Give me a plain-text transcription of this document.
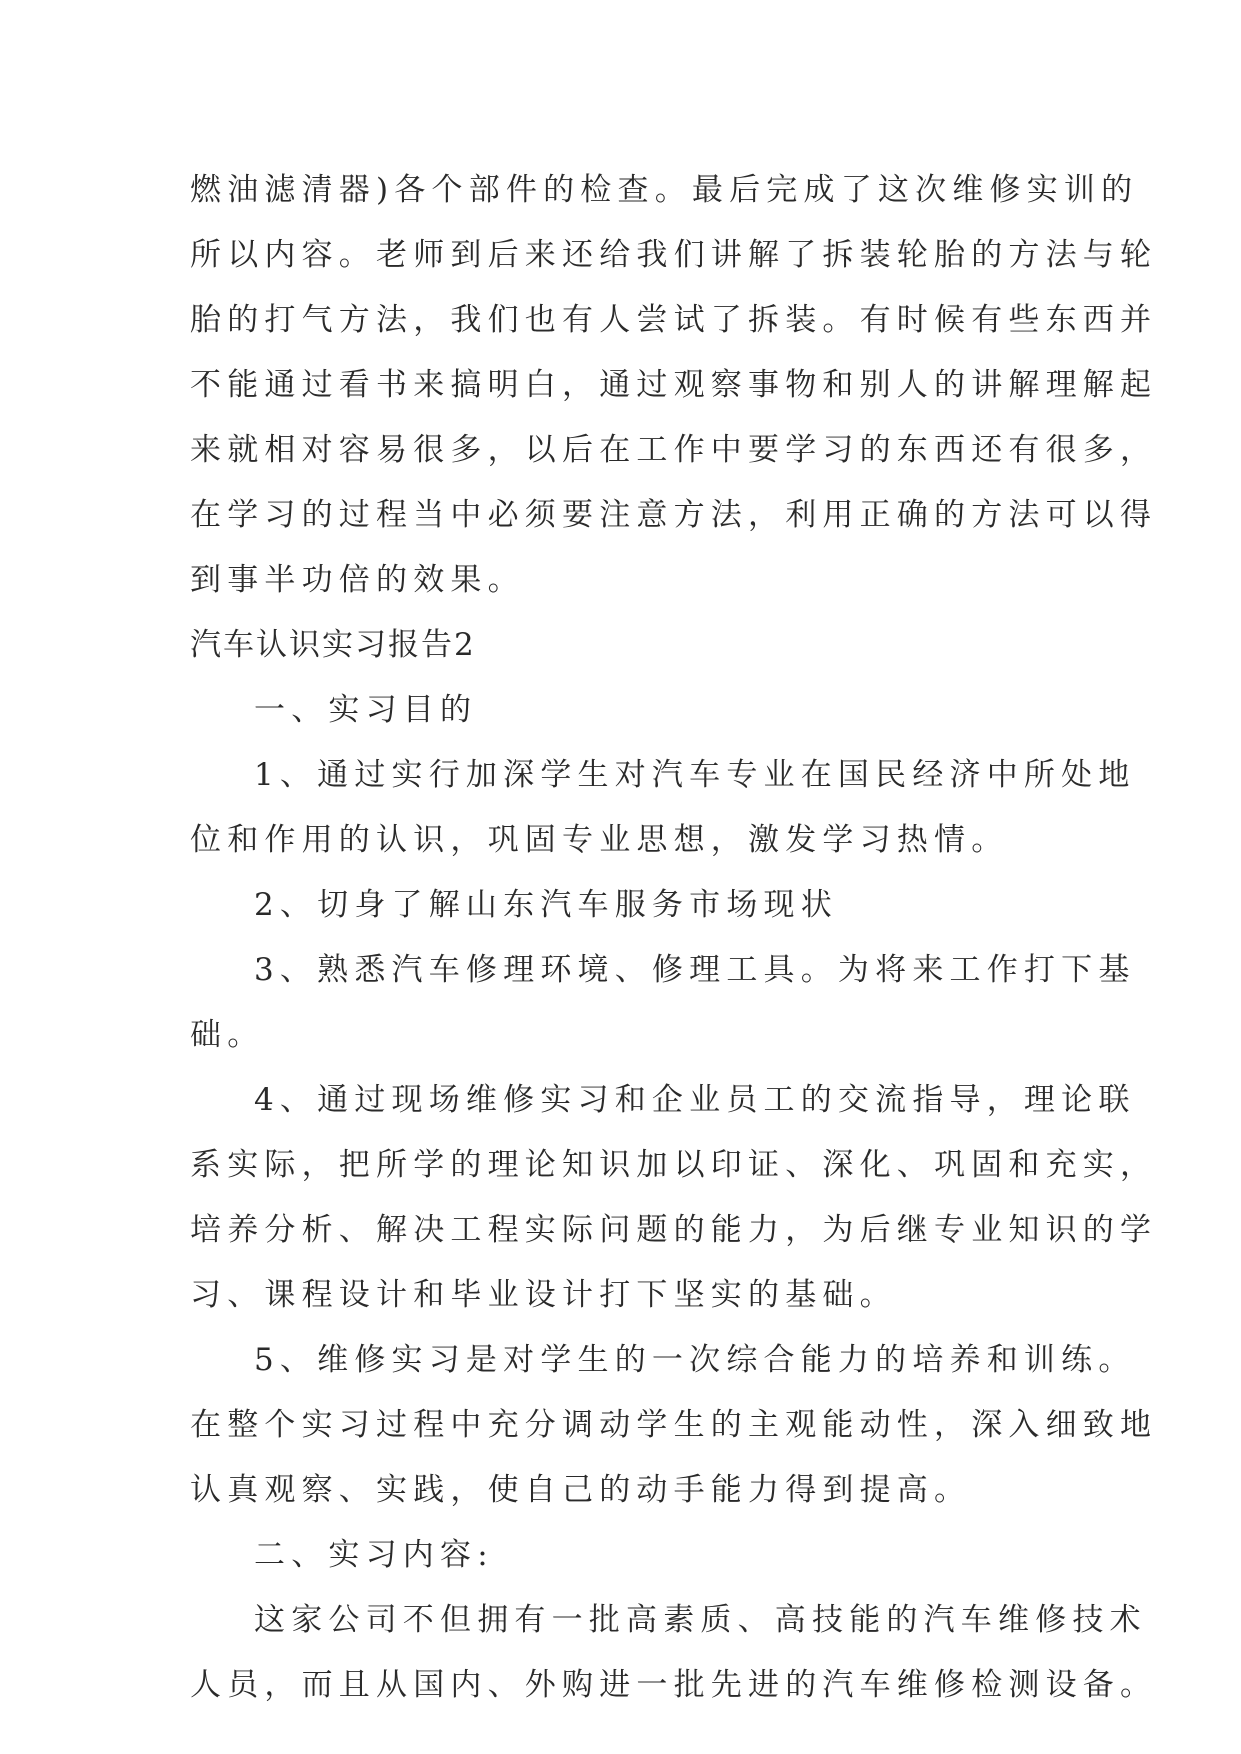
燃油滤清器)各个部件的检查。最后完成了这次维修实训的
所以内容。老师到后来还给我们讲解了拆装轮胎的方法与轮
胎的打气方法，我们也有人尝试了拆装。有时候有些东西并
不能通过看书来搞明白，通过观察事物和别人的讲解理解起
来就相对容易很多，以后在工作中要学习的东西还有很多，
在学习的过程当中必须要注意方法，利用正确的方法可以得
到事半功倍的效果。
汽车认识实习报告2
一、实习目的
1、通过实行加深学生对汽车专业在国民经济中所处地
位和作用的认识，巩固专业思想，激发学习热情。
2、切身了解山东汽车服务市场现状
3、熟悉汽车修理环境、修理工具。为将来工作打下基
础。
4、通过现场维修实习和企业员工的交流指导，理论联
系实际，把所学的理论知识加以印证、深化、巩固和充实，
培养分析、解决工程实际问题的能力，为后继专业知识的学
习、课程设计和毕业设计打下坚实的基础。
5、维修实习是对学生的一次综合能力的培养和训练。
在整个实习过程中充分调动学生的主观能动性，深入细致地
认真观察、实践，使自己的动手能力得到提高。
二、实习内容:
这家公司不但拥有一批高素质、高技能的汽车维修技术
人员，而且从国内、外购进一批先进的汽车维修检测设备。
